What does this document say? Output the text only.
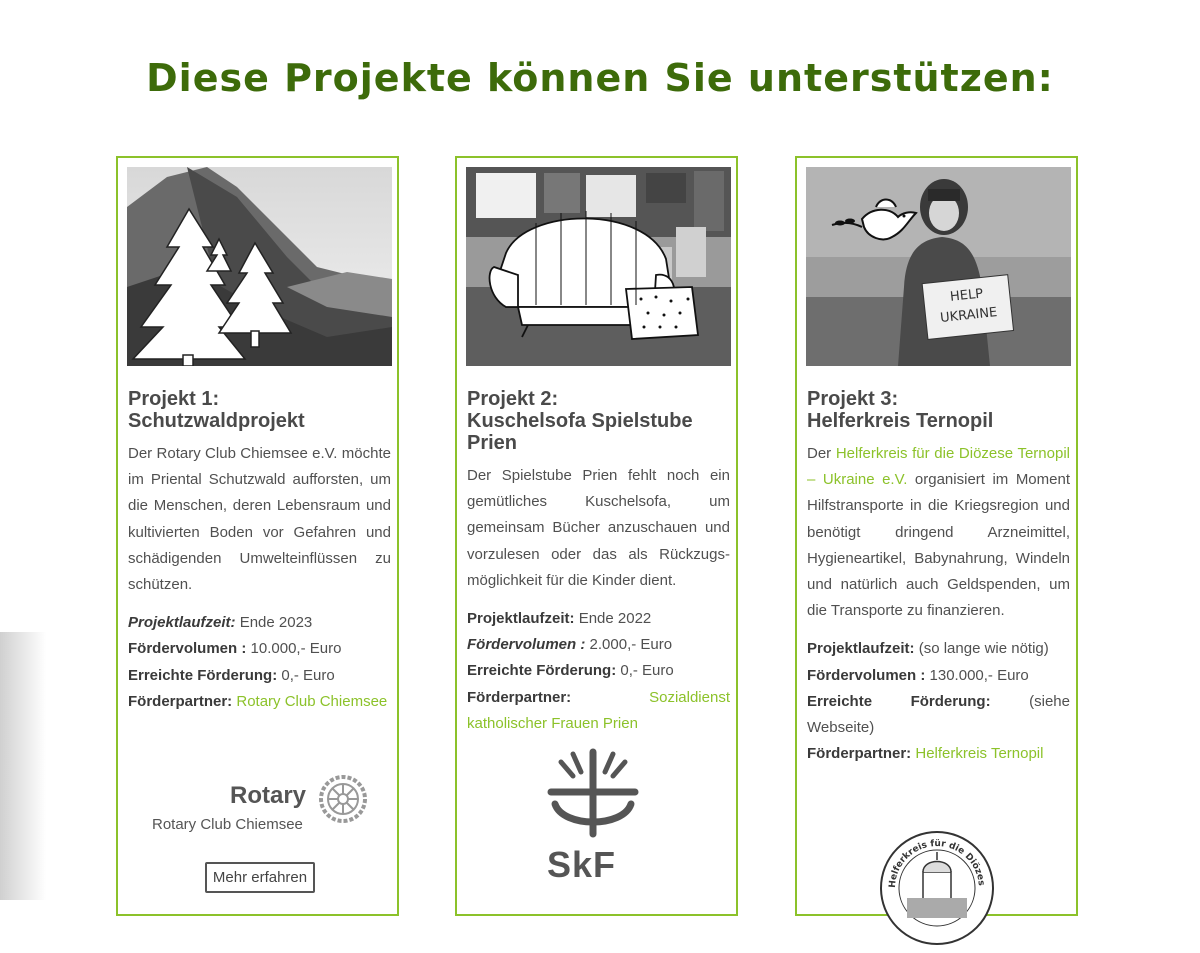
Diese Projekte können Sie unterstützen:

Projekt 1:
Schutzwaldprojekt

Der Rotary Club Chiemsee e.V. möchte im Priental Schutzwald aufforsten, um die Menschen, deren Lebensraum und kultivierten Boden vor Gefahren und schädigenden Umwelteinflüssen zu schützen.

Projektlaufzeit: Ende 2023
Fördervolumen : 10.000,- Euro
Erreichte Förderung: 0,- Euro
Förderpartner: Rotary Club Chiemsee
Rotary
Rotary Club Chiemsee
Mehr erfahren

Projekt 2:
Kuschelsofa Spielstube Prien

Der Spielstube Prien fehlt noch ein gemütliches Kuschelsofa, um gemeinsam Bücher anzuschauen und vorzulesen oder das als Rückzugs-möglichkeit für die Kinder dient.

Projektlaufzeit: Ende 2022
Fördervolumen : 2.000,- Euro
Erreichte Förderung: 0,- Euro
Förderpartner:	Sozialdienst katholischer Frauen Prien
SkF
HELP
UKRAINE

Projekt 3:
Helferkreis Ternopil

Der Helferkreis für die Diözese Ternopil – Ukraine e.V. organisiert im Moment Hilfstransporte in die Kriegsregion und benötigt dringend Arzneimittel, Hygieneartikel, Babynahrung, Windeln und natürlich auch Geldspenden, um die Transporte zu finanzieren.

Projektlaufzeit: (so lange wie nötig)
Fördervolumen : 130.000,- Euro
Erreichte Förderung: (siehe Webseite)
Förderpartner: Helferkreis Ternopil
Helferkreis für die Diözes
